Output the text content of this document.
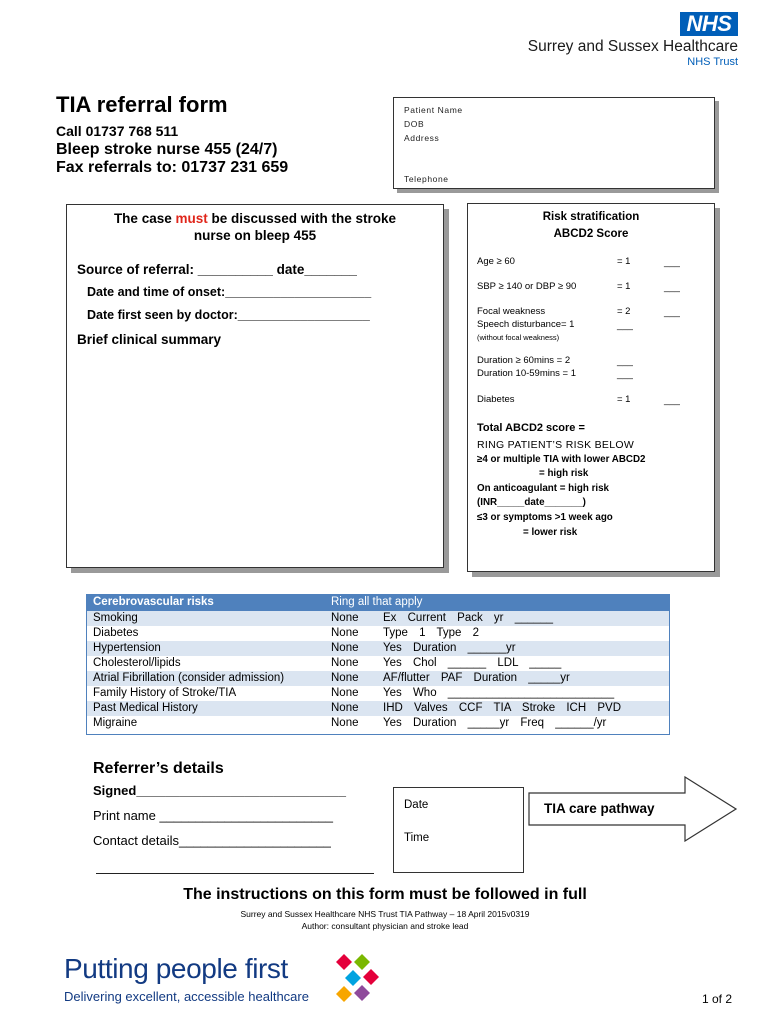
NHS
Surrey and Sussex Healthcare
NHS Trust
TIA referral form
Call 01737 768 511
Bleep stroke nurse 455 (24/7)
Fax referrals to: 01737 231 659
Patient Name
DOB
Address
Telephone
The case must be discussed with the stroke
nurse on bleep 455
Source of referral: __________ date_______
Date and time of onset:_____________________
Date first seen by doctor:___________________
Brief clinical summary
Risk stratification
ABCD2 Score
Age ≥ 60	= 1	___
SBP ≥ 140 or DBP ≥ 90	= 1	___
Focal weakness	= 2	___
Speech disturbance= 1	___
(without focal weakness)
Duration ≥ 60mins = 2	___
Duration 10-59mins = 1	___
Diabetes	= 1	___
Total ABCD2 score =
RING PATIENT’S RISK BELOW
≥4 or multiple TIA with lower ABCD2
= high risk
On anticoagulant = high risk
(INR_____date_______)
≤3 or symptoms >1 week ago
= lower risk
Cerebrovascular risks	Ring all that apply
Smoking	None Ex Current Pack yr ______
Diabetes	None Type 1 Type 2
Hypertension	None Yes Duration ______yr
Cholesterol/lipids	None Yes Chol ______ LDL _____
Atrial Fibrillation (consider admission)	None AF/flutter PAF Duration _____yr
Family History of Stroke/TIA	None Yes Who __________________________
Past Medical History	None IHD Valves CCF TIA Stroke ICH PVD
Migraine	None Yes Duration _____yr Freq ______/yr
Referrer’s details
Signed_____________________________
Print name ________________________
Contact details_____________________
Date
Time
TIA care pathway
The instructions on this form must be followed in full
Surrey and Sussex Healthcare NHS Trust TIA Pathway – 18 April 2015v0319
Author: consultant physician and stroke lead
Putting people first
Delivering excellent, accessible healthcare	1 of 2
